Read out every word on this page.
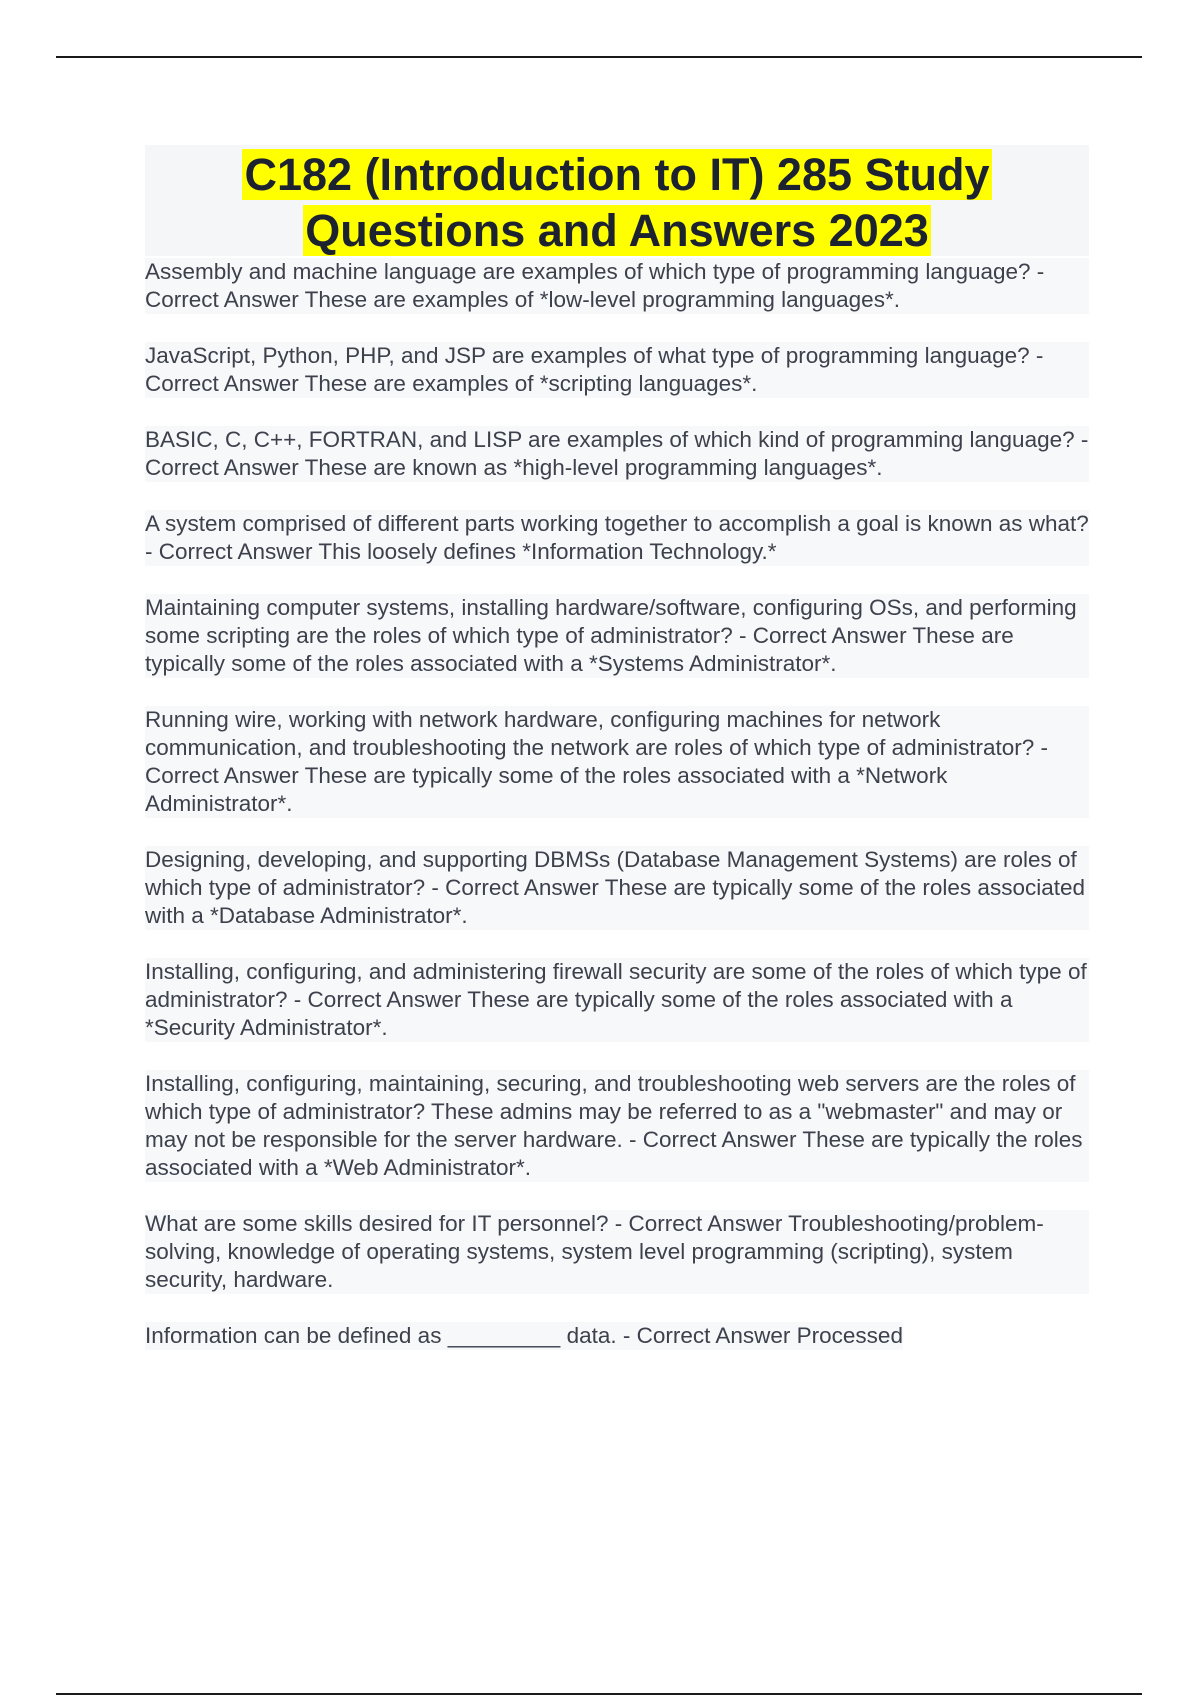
C182 (Introduction to IT) 285 Study Questions and Answers 2023

Assembly and machine language are examples of which type of programming language? - Correct Answer These are examples of *low-level programming languages*.

JavaScript, Python, PHP, and JSP are examples of what type of programming language? - Correct Answer These are examples of *scripting languages*.

BASIC, C, C++, FORTRAN, and LISP are examples of which kind of programming language? - Correct Answer These are known as *high-level programming languages*.

A system comprised of different parts working together to accomplish a goal is known as what? - Correct Answer This loosely defines *Information Technology.*

Maintaining computer systems, installing hardware/software, configuring OSs, and performing some scripting are the roles of which type of administrator? - Correct Answer These are typically some of the roles associated with a *Systems Administrator*.

Running wire, working with network hardware, configuring machines for network communication, and troubleshooting the network are roles of which type of administrator? - Correct Answer These are typically some of the roles associated with a *Network Administrator*.

Designing, developing, and supporting DBMSs (Database Management Systems) are roles of which type of administrator? - Correct Answer These are typically some of the roles associated with a *Database Administrator*.

Installing, configuring, and administering firewall security are some of the roles of which type of administrator? - Correct Answer These are typically some of the roles associated with a *Security Administrator*.

Installing, configuring, maintaining, securing, and troubleshooting web servers are the roles of which type of administrator? These admins may be referred to as a "webmaster" and may or may not be responsible for the server hardware. - Correct Answer These are typically the roles associated with a *Web Administrator*.

What are some skills desired for IT personnel? - Correct Answer Troubleshooting/problem-solving, knowledge of operating systems, system level programming (scripting), system security, hardware.

Information can be defined as _________ data. - Correct Answer Processed
